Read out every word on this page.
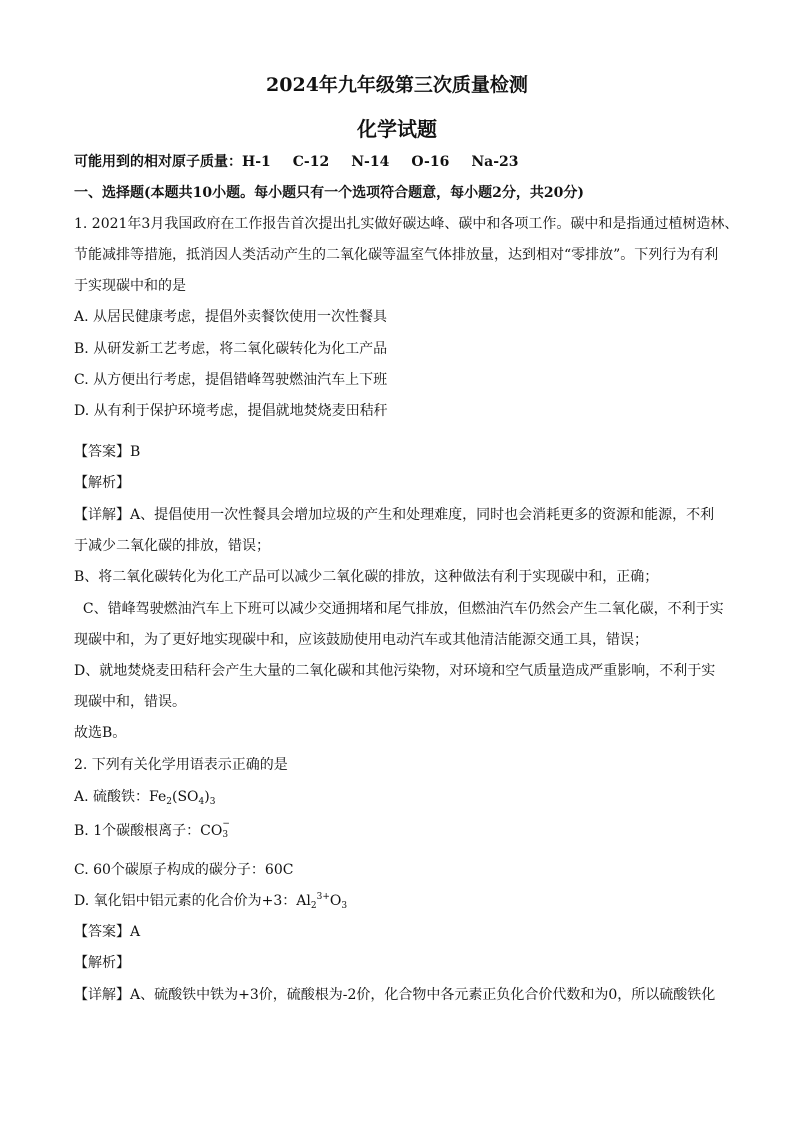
2024年九年级第三次质量检测
化学试题
可能用到的相对原子质量：H-1 C-12 N-14 O-16 Na-23
一、选择题(本题共10小题。每小题只有一个选项符合题意，每小题2分，共20分)
1. 2021年3月我国政府在工作报告首次提出扎实做好碳达峰、碳中和各项工作。碳中和是指通过植树造林、
节能减排等措施，抵消因人类活动产生的二氧化碳等温室气体排放量，达到相对“零排放”。下列行为有利
于实现碳中和的是
A. 从居民健康考虑，提倡外卖餐饮使用一次性餐具
B. 从研发新工艺考虑，将二氧化碳转化为化工产品
C. 从方便出行考虑，提倡错峰驾驶燃油汽车上下班
D. 从有利于保护环境考虑，提倡就地焚烧麦田秸秆
【答案】B
【解析】
【详解】A、提倡使用一次性餐具会增加垃圾的产生和处理难度，同时也会消耗更多的资源和能源，不利
于减少二氧化碳的排放，错误；
B、将二氧化碳转化为化工产品可以减少二氧化碳的排放，这种做法有利于实现碳中和，正确；
C、错峰驾驶燃油汽车上下班可以减少交通拥堵和尾气排放，但燃油汽车仍然会产生二氧化碳，不利于实
现碳中和，为了更好地实现碳中和，应该鼓励使用电动汽车或其他清洁能源交通工具，错误；
D、就地焚烧麦田秸秆会产生大量的二氧化碳和其他污染物，对环境和空气质量造成严重影响，不利于实
现碳中和，错误。
故选B。
2. 下列有关化学用语表示正确的是
A. 硫酸铁：$Fe_2(SO_4)_3$
B. 1个碳酸根离子：CO −
3
C. 60个碳原子构成的碳分子：60C
D. 氧化铝中铝元素的化合价为+3：$Al_2^{3+}O_3$
【答案】A
【解析】
【详解】A、硫酸铁中铁为+3价，硫酸根为-2价，化合物中各元素正负化合价代数和为0，所以硫酸铁化
